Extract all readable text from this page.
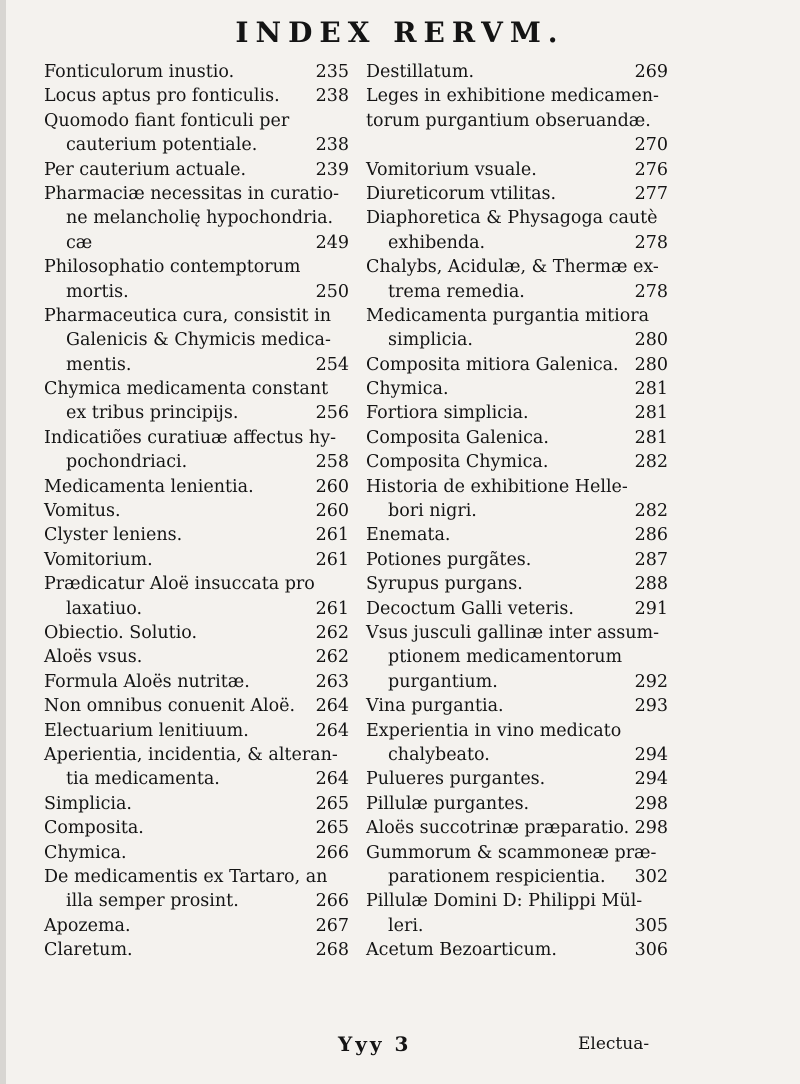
INDEX RERVM.
Fonticulorum inustio.	235
Locus aptus pro fonticulis. 238
Quomodo fiant fonticuli per
cauterium potentiale.	238
Per cauterium actuale.	239
Pharmaciæ necessitas in curatio-
ne melancholię hypochondria.
cæ	249
Philosophatio contemptorum
mortis.	250
Pharmaceutica cura, consistit in
Galenicis & Chymicis medica-
mentis.	254
Chymica medicamenta constant
ex tribus principijs.	256
Indicatiões curatiuæ affectus hy-
pochondriaci.	258
Medicamenta lenientia.	260
Vomitus.	260
Clyster leniens.	261
Vomitorium.	261
Prædicatur Aloë insuccata pro
laxatiuo.	261
Obiectio. Solutio.	262
Aloës vsus.	262
Formula Aloës nutritæ.	263
Non omnibus conuenit Aloë. 264
Electuarium lenitiuum.	264
Aperientia, incidentia, & alteran-
tia medicamenta.	264
Simplicia.	265
Composita.	265
Chymica.	266
De medicamentis ex Tartaro, an
illa semper prosint.	266
Apozema.	267
Claretum.	268
Destillatum.	269
Leges in exhibitione medicamen-
torum purgantium obseruandæ.
270
Vomitorium vsuale.	276
Diureticorum vtilitas.	277
Diaphoretica & Physagoga cautè
exhibenda.	278
Chalybs, Acidulæ, & Thermæ ex-
trema remedia.	278
Medicamenta purgantia mitiora
simplicia.	280
Composita mitiora Galenica. 280
Chymica.	281
Fortiora simplicia.	281
Composita Galenica.	281
Composita Chymica.	282
Historia de exhibitione Helle-
bori nigri.	282
Enemata.	286
Potiones purgãtes.	287
Syrupus purgans.	288
Decoctum Galli veteris.	291
Vsus jusculi gallinæ inter assum-
ptionem medicamentorum
purgantium.	292
Vina purgantia.	293
Experientia in vino medicato
chalybeato.	294
Pulueres purgantes.	294
Pillulæ purgantes.	298
Aloës succotrinæ præparatio. 298
Gummorum & scammoneæ præ-
parationem respicientia. 302
Pillulæ Domini D: Philippi Mül-
leri.	305
Acetum Bezoarticum.	306
Yyy 3	Electua-
